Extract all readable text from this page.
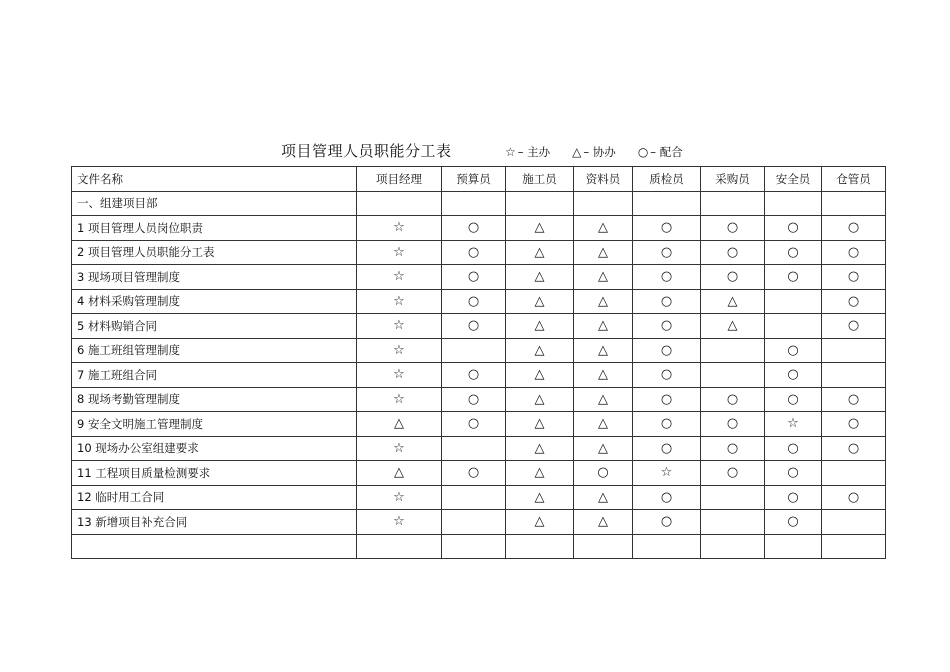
项目管理人员职能分工表	☆ – 主办 △ – 协办 ○ – 配合
文件名称	项目经理	预算员	施工员	资料员	质检员	采购员	安全员	仓管员
一、组建项目部								
1 项目管理人员岗位职责	☆	○	△	△	○	○	○	○
2 项目管理人员职能分工表	☆	○	△	△	○	○	○	○
3 现场项目管理制度	☆	○	△	△	○	○	○	○
4 材料采购管理制度	☆	○	△	△	○	△		○
5 材料购销合同	☆	○	△	△	○	△		○
6 施工班组管理制度	☆		△	△	○		○	
7 施工班组合同	☆	○	△	△	○		○	
8 现场考勤管理制度	☆	○	△	△	○	○	○	○
9 安全文明施工管理制度	△	○	△	△	○	○	☆	○
10 现场办公室组建要求	☆		△	△	○	○	○	○
11 工程项目质量检测要求	△	○	△	○	☆	○	○	
12 临时用工合同	☆		△	△	○		○	○
13 新增项目补充合同	☆		△	△	○		○	
